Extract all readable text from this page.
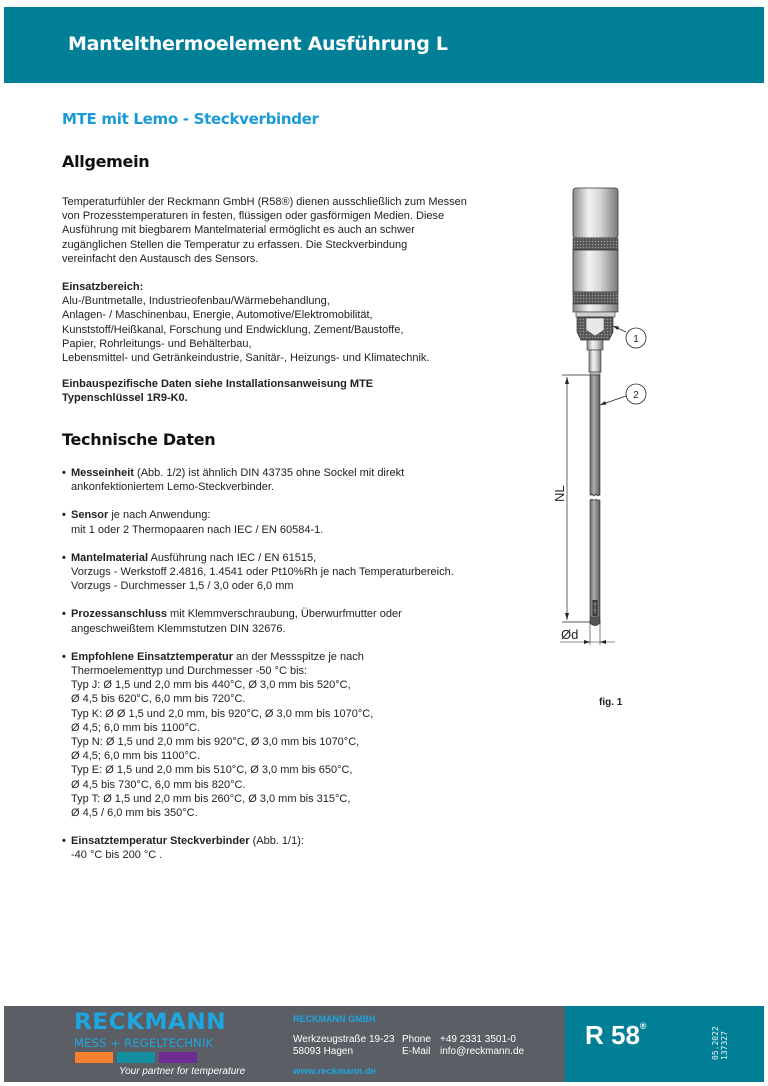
Mantelthermoelement Ausführung L
MTE mit Lemo - Steckverbinder
Allgemein
Temperaturfühler der Reckmann GmbH (R58®) dienen ausschließlich zum Messen
von Prozesstemperaturen in festen, flüssigen oder gasförmigen Medien. Diese
Ausführung mit biegbarem Mantelmaterial ermöglicht es auch an schwer
zugänglichen Stellen die Temperatur zu erfassen. Die Steckverbindung
vereinfacht den Austausch des Sensors.
Einsatzbereich:
Alu-/Buntmetalle, Industrieofenbau/Wärmebehandlung,
Anlagen- / Maschinenbau, Energie, Automotive/Elektromobilität,
Kunststoff/Heißkanal, Forschung und Endwicklung, Zement/Baustoffe,
Papier, Rohrleitungs- und Behälterbau,
Lebensmittel- und Getränkeindustrie, Sanitär-, Heizungs- und Klimatechnik.
Einbauspezifische Daten siehe Installationsanweisung MTE
Typenschlüssel 1R9-K0.
Technische Daten
• Messeinheit (Abb. 1/2) ist ähnlich DIN 43735 ohne Sockel mit direkt
ankonfektioniertem Lemo-Steckverbinder.
• Sensor je nach Anwendung:
mit 1 oder 2 Thermopaaren nach IEC / EN 60584-1.
• Mantelmaterial Ausführung nach IEC / EN 61515,
Vorzugs - Werkstoff 2.4816, 1.4541 oder Pt10%Rh je nach Temperaturbereich.
Vorzugs - Durchmesser 1,5 / 3,0 oder 6,0 mm
• Prozessanschluss mit Klemmverschraubung, Überwurfmutter oder
angeschweißtem Klemmstutzen DIN 32676.
• Empfohlene Einsatztemperatur an der Messspitze je nach
Thermoelementtyp und Durchmesser -50 °C bis:
Typ J: Ø 1,5 und 2,0 mm bis 440°C, Ø 3,0 mm bis 520°C,
Ø 4,5 bis 620°C, 6,0 mm bis 720°C.
Typ K: Ø Ø 1,5 und 2,0 mm, bis 920°C, Ø 3,0 mm bis 1070°C,
Ø 4,5; 6,0 mm bis 1100°C.
Typ N: Ø 1,5 und 2,0 mm bis 920°C, Ø 3,0 mm bis 1070°C,
Ø 4,5; 6,0 mm bis 1100°C.
Typ E: Ø 1,5 und 2,0 mm bis 510°C, Ø 3,0 mm bis 650°C,
Ø 4,5 bis 730°C, 6,0 mm bis 820°C.
Typ T: Ø 1,5 und 2,0 mm bis 260°C, Ø 3,0 mm bis 315°C,
Ø 4,5 / 6,0 mm bis 350°C.
• Einsatztemperatur Steckverbinder (Abb. 1/1):
-40 °C bis 200 °C .
NL
Ød
1
2
fig. 1
RECKMANN
MESS + REGELTECHNIK
Your partner for temperature
RECKMANN GMBH
Werkzeugstraße 19-23
58093 Hagen
Phone
E-Mail
+49 2331 3501-0
info@reckmann.de
www.reckmann.de
R 58®
05.2022 137327
